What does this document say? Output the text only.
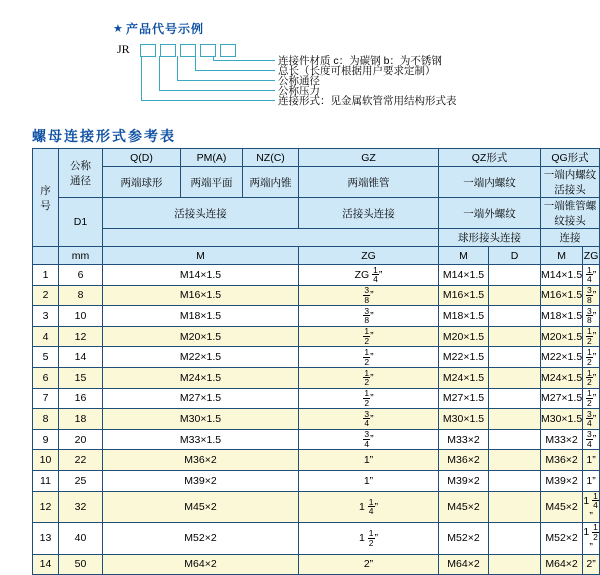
★ 产品代号示例
JR
连接件材质 c：为碳钢 b：为不锈钢
总长（长度可根据用户要求定制）
公称通径
公称压力
连接形式：见金属软管常用结构形式表
螺母连接形式参考表
序
号

公称
通径
	Q(D)	PM(A)	NZ(C)	GZ	QZ形式	QG形式
		两端球形	两端平面	两端内锥	两端锥管	一端内螺纹		一端内螺纹活接头	
	D1	活接头连接			活接头连接	一端外螺纹		一端锥管螺纹接头	
						球形接头连接		连接	
	mm	M			ZG	M	D	M	ZG
1	6	M14×1.5			ZG $\frac{1}{4}$ ”	M14×1.5		M14×1.5	$\frac{1}{4}$ ”
2	8	M16×1.5			$\frac{3}{8}$ ”	M16×1.5		M16×1.5	$\frac{3}{8}$ ”
3	10	M18×1.5			$\frac{3}{8}$ ”	M18×1.5		M18×1.5	$\frac{3}{8}$ ”
4	12	M20×1.5			$\frac{1}{2}$ ”	M20×1.5		M20×1.5	$\frac{1}{2}$ ”
5	14	M22×1.5			$\frac{1}{2}$ ”	M22×1.5		M22×1.5	$\frac{1}{2}$ ”
6	15	M24×1.5			$\frac{1}{2}$ ”	M24×1.5		M24×1.5	$\frac{1}{2}$ ”
7	16	M27×1.5			$\frac{1}{2}$ ”	M27×1.5		M27×1.5	$\frac{1}{2}$ ”
8	18	M30×1.5			$\frac{3}{4}$ ”	M30×1.5		M30×1.5	$\frac{3}{4}$ ”
9	20	M33×1.5			$\frac{3}{4}$ ”	M33×2		M33×2	$\frac{3}{4}$ ”
10	22	M36×2			1”	M36×2		M36×2	1”
11	25	M39×2			1”	M39×2		M39×2	1”
12	32	M45×2			$1 \frac{1}{4}$ ”	M45×2		M45×2	$1 \frac{1}{4}$
”
13	40	M52×2			$1 \frac{1}{2}$ ”	M52×2		M52×2	$1 \frac{1}{2}$
”
14	50	M64×2			2”	M64×2		M64×2	2”
